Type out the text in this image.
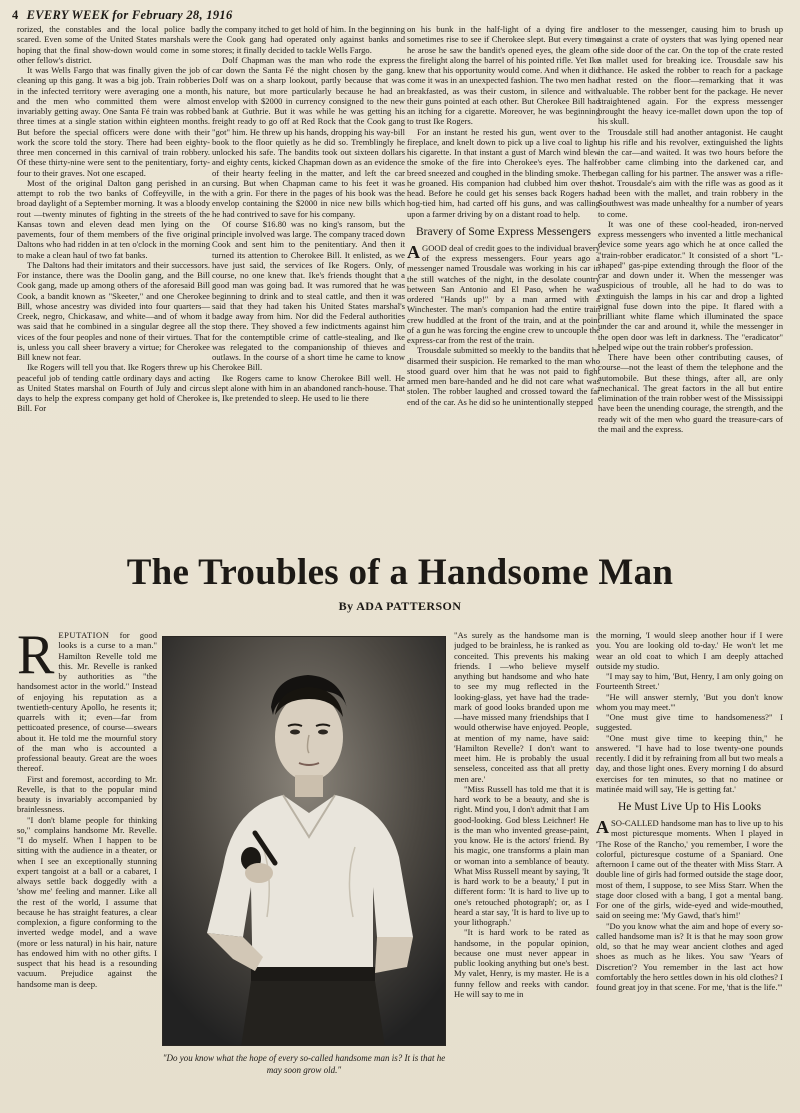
4 EVERY WEEK for February 28, 1916

rorized, the constables and the local police badly scared. Even some of the United States marshals were hoping that the final show-down would come in some other fellow's district.

It was Wells Fargo that was finally given the job of cleaning up this gang. It was a big job. Train robberies in the infected territory were averaging one a month, and the men who committed them were almost invariably getting away. One Santa Fé train was robbed three times at a single station within eighteen months. But before the special officers were done with their work the score told the story. There had been eighty-three men concerned in this carnival of train robbery. Of these thirty-nine were sent to the penitentiary, forty-four to their graves. Not one escaped.

Most of the original Dalton gang perished in an attempt to rob the two banks of Coffeyville, in the broad daylight of a September morning. It was a bloody rout —twenty minutes of fighting in the streets of the Kansas town and eleven dead men lying on the pavements, four of them members of the five original Daltons who had ridden in at ten o'clock in the morning to make a clean haul of two fat banks.

The Daltons had their imitators and their successors. For instance, there was the Doolin gang, and the Bill Cook gang, made up among others of the aforesaid Bill Cook, a bandit known as "Skeeter," and one Cherokee Bill, whose ancestry was divided into four quarters—Creek, negro, Chickasaw, and white—and of whom it was said that he combined in a singular degree all the vices of the four peoples and none of their virtues. That is, unless you call sheer bravery a virtue; for Cherokee Bill knew not fear.

Ike Rogers will tell you that. Ike Rogers threw up his peaceful job of tending cattle ordinary days and acting as United States marshal on Fourth of July and circus days to help the express company get hold of Cherokee Bill. For

the company itched to get hold of him. In the beginning the Cook gang had operated only against banks and stores; it finally decided to tackle Wells Fargo.

Dolf Chapman was the man who rode the express car down the Santa Fé the night chosen by the gang. Dolf was on a sharp lookout, partly because that was his nature, but more particularly because he had an envelop with $2000 in currency consigned to the new bank at Guthrie. But it was while he was getting his freight ready to go off at Red Rock that the Cook gang "got" him. He threw up his hands, dropping his way-bill book to the floor quietly as he did so. Tremblingly he unlocked his safe. The bandits took out sixteen dollars and eighty cents, kicked Chapman down as an evidence of their hearty feeling in the matter, and left the car cursing. But when Chapman came to his feet it was with a grin. For there in the pages of his book was the envelop containing the $2000 in nice new bills which he had contrived to save for his company.

Of course $16.80 was no king's ransom, but the principle involved was large. The company traced down Cook and sent him to the penitentiary. And then it turned its attention to Cherokee Bill. It enlisted, as we have just said, the services of Ike Rogers. Only, of course, no one knew that. Ike's friends thought that a good man was going bad. It was rumored that he was beginning to drink and to steal cattle, and then it was said that they had taken his United States marshal's badge away from him. Nor did the Federal authorities stop there. They shoved a few indictments against him for the contemptible crime of cattle-stealing, and Ike was relegated to the companionship of thieves and outlaws. In the course of a short time he came to know Cherokee Bill.

Ike Rogers came to know Cherokee Bill well. He slept alone with him in an abandoned ranch-house. That is, Ike pretended to sleep. He used to lie there

on his bunk in the half-light of a dying fire and sometimes rise to see if Cherokee slept. But every time he arose he saw the bandit's opened eyes, the gleam of the firelight along the barrel of his pointed rifle. Yet Ike knew that his opportunity would come. And when it did come it was in an unexpected fashion. The two men had breakfasted, as was their custom, in silence and with their guns pointed at each other. But Cherokee Bill had an itching for a cigarette. Moreover, he was beginning to trust Ike Rogers.

For an instant he rested his gun, went over to the fireplace, and knelt down to pick up a live coal to light his cigarette. In that instant a gust of March wind blew the smoke of the fire into Cherokee's eyes. The half-breed sneezed and coughed in the blinding smoke. Then he groaned. His companion had clubbed him over the head. Before he could get his senses back Rogers had hog-tied him, had carted off his guns, and was calling upon a farmer driving by on a distant road to help.

Bravery of Some Express Messengers

AGOOD deal of credit goes to the individual bravery of the express messengers. Four years ago a messenger named Trousdale was working in his car in the still watches of the night, in the desolate country between San Antonio and El Paso, when he was ordered "Hands up!" by a man armed with a Winchester. The man's companion had the entire train crew huddled at the front of the train, and at the point of a gun he was forcing the engine crew to uncouple the express-car from the rest of the train.

Trousdale submitted so meekly to the bandits that he disarmed their suspicion. He remarked to the man who stood guard over him that he was not paid to fight armed men bare-handed and he did not care what was stolen. The robber laughed and crossed toward the far end of the car. As he did so he unintentionally stepped

closer to the messenger, causing him to brush up against a crate of oysters that was lying opened near the side door of the car. On the top of the crate rested a mallet used for breaking ice. Trousdale saw his chance. He asked the robber to reach for a package that rested on the floor—remarking that it was valuable. The robber bent for the package. He never straightened again. For the express messenger brought the heavy ice-mallet down upon the top of his skull.

Trousdale still had another antagonist. He caught up his rifle and his revolver, extinguished the lights in the car—and waited. It was two hours before the robber came climbing into the darkened car, and began calling for his partner. The answer was a rifle-shot. Trousdale's aim with the rifle was as good as it had been with the mallet, and train robbery in the Southwest was made unhealthy for a number of years to come.

It was one of these cool-headed, iron-nerved express messengers who invented a little mechanical device some years ago which he at once called the "train-robber eradicator." It consisted of a short "L-shaped" gas-pipe extending through the floor of the car and down under it. When the messenger was suspicious of trouble, all he had to do was to extinguish the lamps in his car and drop a lighted signal fuse down into the pipe. It flared with a brilliant white flame which illuminated the space under the car and around it, while the messenger in the open door was left in darkness. The "eradicator" helped wipe out the train robber's profession.

There have been other contributing causes, of course—not the least of them the telephone and the automobile. But these things, after all, are only mechanical. The great factors in the all but entire elimination of the train robber west of the Mississippi have been the unending courage, the strength, and the ready wit of the men who guard the treasure-cars of the mail and the express.

The Troubles of a Handsome Man
By ADA PATTERSON

REPUTATION for good looks is a curse to a man." Hamilton Revelle told me this. Mr. Revelle is ranked by authorities as "the handsomest actor in the world." Instead of enjoying his reputation as a twentieth-century Apollo, he resents it; quarrels with it; even—far from petticoated presence, of course—swears about it. He told me the mournful story of the man who is accounted a professional beauty. Great are the woes thereof.

First and foremost, according to Mr. Revelle, is that to the popular mind beauty is invariably accompanied by brainlessness.

"I don't blame people for thinking so," complains handsome Mr. Revelle. "I do myself. When I happen to be sitting with the audience in a theater, or when I see an exceptionally stunning expert tangoist at a ball or a cabaret, I always settle back doggedly with a 'show me' feeling and manner. Like all the rest of the world, I assume that because he has straight features, a clear complexion, a figure conforming to the inverted wedge model, and a wave (more or less natural) in his hair, nature has endowed him with no other gifts. I suspect that his head is a resounding vacuum. Prejudice against the handsome man is deep.

"Do you know what the hope of every so-called handsome man is? It is that he may soon grow old."

"As surely as the handsome man is judged to be brainless, he is ranked as conceited. This prevents his making friends. I —who believe myself anything but handsome and who hate to see my mug reflected in the looking-glass, yet have had the trade-mark of good looks branded upon me—have missed many friendships that I would otherwise have enjoyed. People, at mention of my name, have said: 'Hamilton Revelle? I don't want to meet him. He is probably the usual senseless, conceited ass that all pretty men are.'

"Miss Russell has told me that it is hard work to be a beauty, and she is right. Mind you, I don't admit that I am good-looking. God bless Leichner! He is the man who invented grease-paint, you know. He is the actors' friend. By his magic, one transforms a plain man or woman into a semblance of beauty. What Miss Russell meant by saying, 'It is hard work to be a beauty,' I put in different form: 'It is hard to live up to one's retouched photograph'; or, as I heard a star say, 'It is hard to live up to your lithograph.'

"It is hard work to be rated as handsome, in the popular opinion, because one must never appear in public looking anything but one's best. My valet, Henry, is my master. He is a funny fellow and reeks with candor. He will say to me in

the morning, 'I would sleep another hour if I were you. You are looking old to-day.' He won't let me wear an old coat to which I am deeply attached outside my studio.

"I may say to him, 'But, Henry, I am only going on Fourteenth Street.'

"He will answer sternly, 'But you don't know whom you may meet.'"

"One must give time to handsomeness?" I suggested.

"One must give time to keeping thin," he answered. "I have had to lose twenty-one pounds recently. I did it by refraining from all but two meals a day, and those light ones. Every morning I do absurd exercises for ten minutes, so that no matinee or matinée maid will say, 'He is getting fat.'

He Must Live Up to His Looks

ASO-CALLED handsome man has to live up to his most picturesque moments. When I played in 'The Rose of the Rancho,' you remember, I wore the colorful, picturesque costume of a Spaniard. One afternoon I came out of the theater with Miss Starr. A double line of girls had formed outside the stage door, most of them, I suppose, to see Miss Starr. When the stage door closed with a bang, I got a mental bang. For one of the girls, wide-eyed and wide-mouthed, said on seeing me: 'My Gawd, that's him!'

"Do you know what the aim and hope of every so-called handsome man is? It is that he may soon grow old, so that he may wear ancient clothes and aged shoes as much as he likes. You saw 'Years of Discretion'? You remember in the last act how comfortably the hero settles down in his old clothes? I found great joy in that scene. For me, 'that is the life.'"
